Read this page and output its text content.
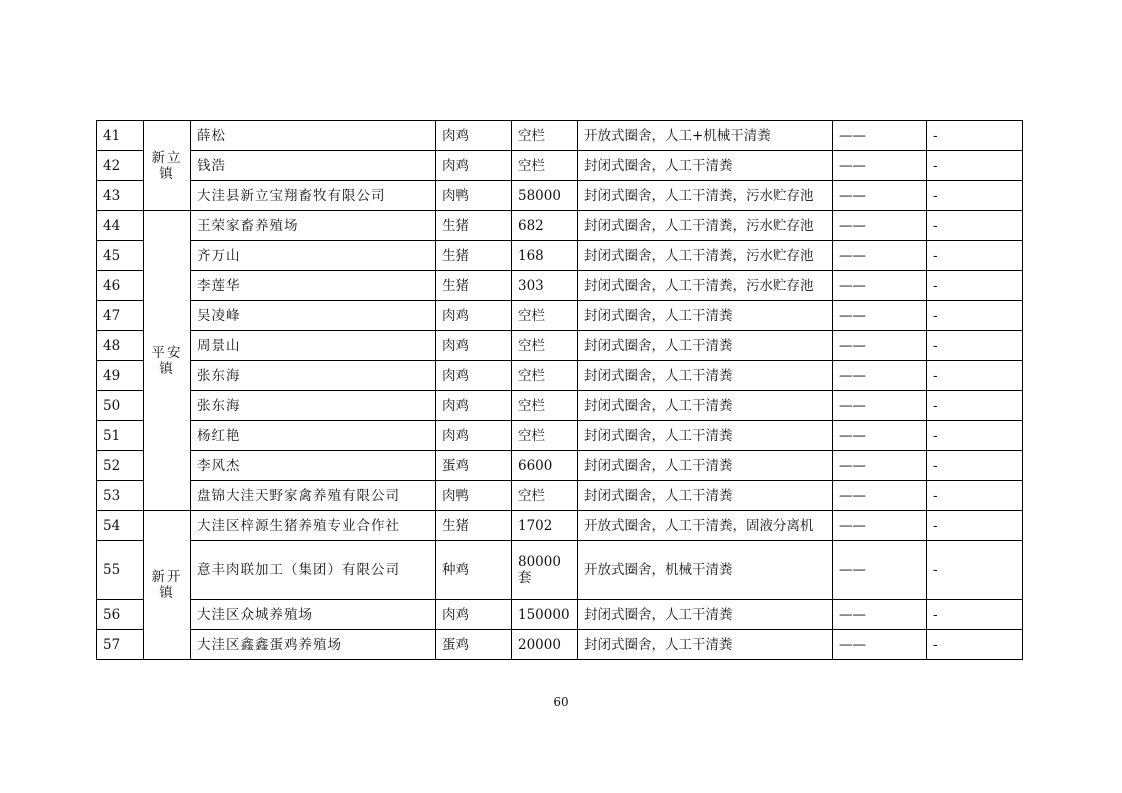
41	新立镇	薛松	肉鸡	空栏	开放式圈舍，人工+机械干清粪	——	-
42		钱浩	肉鸡	空栏	封闭式圈舍，人工干清粪	——	-
43		大洼县新立宝翔畜牧有限公司	肉鸭	58000	封闭式圈舍，人工干清粪，污水贮存池	——	-
44	平安镇	王荣家畜养殖场	生猪	682	封闭式圈舍，人工干清粪，污水贮存池	——	-
45		齐万山	生猪	168	封闭式圈舍，人工干清粪，污水贮存池	——	-
46		李莲华	生猪	303	封闭式圈舍，人工干清粪，污水贮存池	——	-
47		吴凌峰	肉鸡	空栏	封闭式圈舍，人工干清粪	——	-
48		周景山	肉鸡	空栏	封闭式圈舍，人工干清粪	——	-
49		张东海	肉鸡	空栏	封闭式圈舍，人工干清粪	——	-
50		张东海	肉鸡	空栏	封闭式圈舍，人工干清粪	——	-
51		杨红艳	肉鸡	空栏	封闭式圈舍，人工干清粪	——	-
52		李风杰	蛋鸡	6600	封闭式圈舍，人工干清粪	——	-
53		盘锦大洼天野家禽养殖有限公司	肉鸭	空栏	封闭式圈舍，人工干清粪	——	-
54	新开镇	大洼区梓源生猪养殖专业合作社	生猪	1702	开放式圈舍，人工干清粪，固液分离机	——	-
55		意丰肉联加工（集团）有限公司	种鸡	80000套	开放式圈舍，机械干清粪	——	-
56		大洼区众城养殖场	肉鸡	150000	封闭式圈舍，人工干清粪	——	-
57		大洼区鑫鑫蛋鸡养殖场	蛋鸡	20000	封闭式圈舍，人工干清粪	——	-
60
